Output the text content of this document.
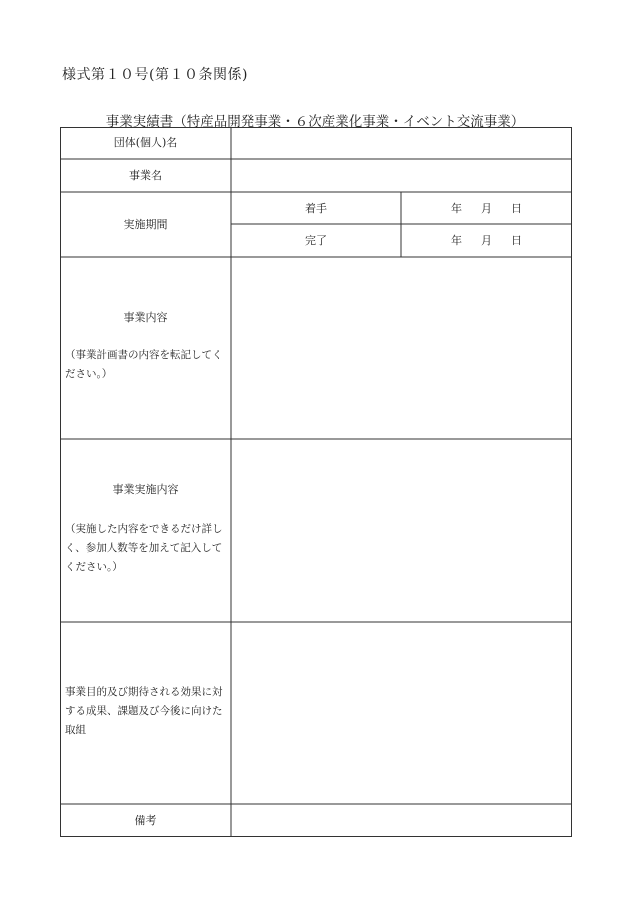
様式第１０号(第１０条関係)
事業実績書（特産品開発事業・６次産業化事業・イベント交流事業）
団体(個人)名
事業名
実施期間
着手
完了
年 月 日
年 月 日
事業内容
（事業計画書の内容を転記してください。）
事業実施内容
（実施した内容をできるだけ詳しく、参加人数等を加えて記入してください。）
事業目的及び期待される効果に対する成果、課題及び今後に向けた取組
備考
